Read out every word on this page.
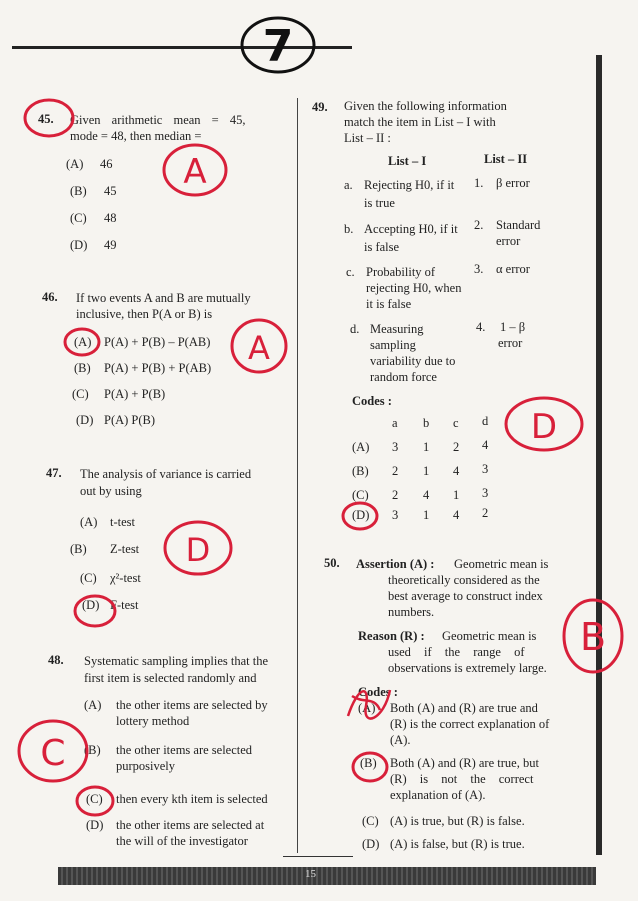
7
45. Given arithmetic mean = 45,
mode = 48, then median =
(A) 46
(B) 45
(C) 48
(D) 49
A
46. If two events A and B are mutually
inclusive, then P(A or B) is
(A) P(A) + P(B) – P(AB)
(B) P(A) + P(B) + P(AB)
(C) P(A) + P(B)
(D) P(A) P(B)
A
47. The analysis of variance is carried
out by using
(A) t-test
(B) Z-test
(C) χ²-test
(D) F-test
D
48. Systematic sampling implies that the
first item is selected randomly and
(A) the other items are selected by
lottery method
(B) the other items are selected
purposively
(C) then every kth item is selected
(D) the other items are selected at
the will of the investigator
C
49. Given the following information
match the item in List – I with
List – II :
List – I	List – II
a. Rejecting H0, if it
is true
b. Accepting H0, if it
is false
c. Probability of
rejecting H0, when
it is false
d. Measuring
sampling
variability due to
random force
1. β error
2. Standard
error
3. α error
4. 1 – β
error
Codes :
a b c d
(A) 3 1 2 4
(B) 2 1 4 3
(C) 2 4 1 3
(D) 3 1 4 2
D
50. Assertion (A) : Geometric mean is
theoretically considered as the
best average to construct index
numbers.
Reason (R) : Geometric mean is
used if the range of
observations is extremely large.
Codes :
(A) Both (A) and (R) are true and
(R) is the correct explanation of
(A).
(B) Both (A) and (R) are true, but
(R) is not the correct
explanation of (A).
(C) (A) is true, but (R) is false.
(D) (A) is false, but (R) is true.
B
15
